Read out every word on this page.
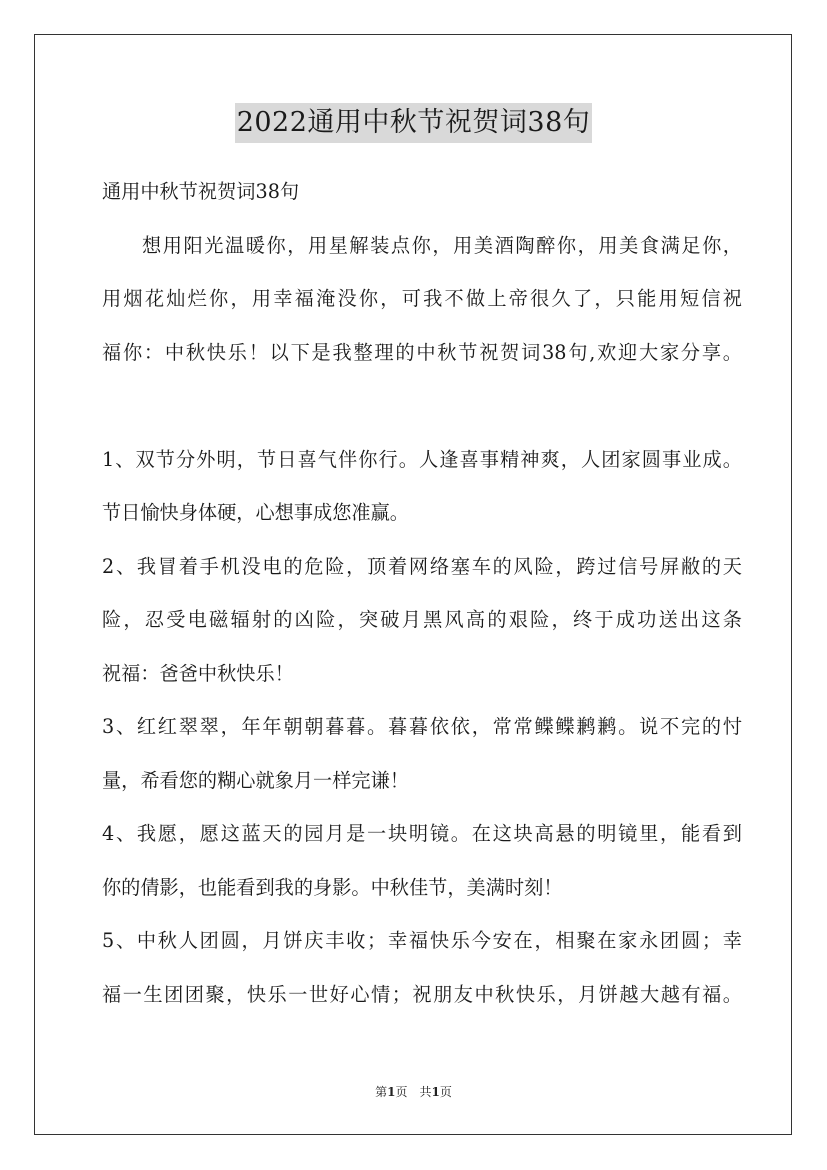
2022通用中秋节祝贺词38句
通用中秋节祝贺词38句
想用阳光温暖你，用星解装点你，用美酒陶醉你，用美食满足你，
用烟花灿烂你，用幸福淹没你，可我不做上帝很久了，只能用短信祝
福你：中秋快乐！以下是我整理的中秋节祝贺词38句,欢迎大家分享。
1、双节分外明，节日喜气伴你行。人逢喜事精神爽，人团家圆事业成。
节日愉快身体硬，心想事成您准赢。
2、我冒着手机没电的危险，顶着网络塞车的风险，跨过信号屏敝的天
险，忍受电磁辐射的凶险，突破月黑风高的艰险，终于成功送出这条
祝福：爸爸中秋快乐！
3、红红翠翠，年年朝朝暮暮。暮暮依依，常常鲽鲽鹣鹣。说不完的忖
量，希看您的糊心就象月一样完谦！
4、我愿，愿这蓝天的园月是一块明镜。在这块高悬的明镜里，能看到
你的倩影，也能看到我的身影。中秋佳节，美满时刻！
5、中秋人团圆，月饼庆丰收；幸福快乐今安在，相聚在家永团圆；幸
福一生团团聚，快乐一世好心情；祝朋友中秋快乐，月饼越大越有福。
第1页 共1页
